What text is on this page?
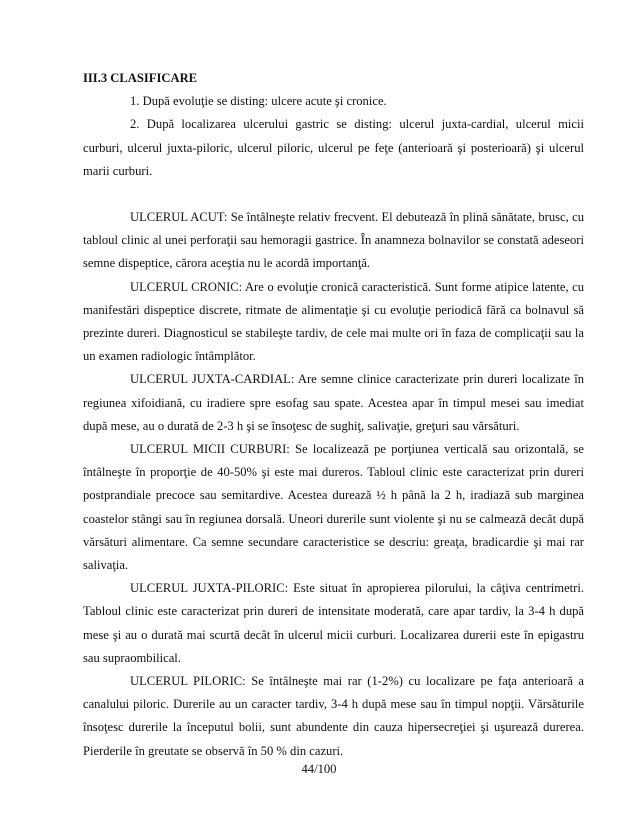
III.3 CLASIFICARE

1. După evoluţie se disting: ulcere acute şi cronice.

2. După localizarea ulcerului gastric se disting: ulcerul juxta-cardial, ulcerul micii curburi, ulcerul juxta-piloric, ulcerul piloric, ulcerul pe feţe (anterioară şi posterioară) şi ulcerul marii curburi.

ULCERUL ACUT: Se întâlneşte relativ frecvent. El debutează în plină sănătate, brusc, cu tabloul clinic al unei perforaţii sau hemoragii gastrice. În anamneza bolnavilor se constată adeseori semne dispeptice, cărora aceştia nu le acordă importanţă.

ULCERUL CRONIC: Are o evoluţie cronică caracteristică. Sunt forme atipice latente, cu manifestări dispeptice discrete, ritmate de alimentaţie şi cu evoluţie periodică fără ca bolnavul să prezinte dureri. Diagnosticul se stabileşte tardiv, de cele mai multe ori în faza de complicaţii sau la un examen radiologic întâmplător.

ULCERUL JUXTA-CARDIAL: Are semne clinice caracterizate prin dureri localizate în regiunea xifoidiană, cu iradiere spre esofag sau spate. Acestea apar în timpul mesei sau imediat după mese, au o durată de 2-3 h şi se însoţesc de sughiţ, salivaţie, greţuri sau vărsături.

ULCERUL MICII CURBURI: Se localizează pe porţiunea verticală sau orizontală, se întâlneşte în proporţie de 40-50% şi este mai dureros. Tabloul clinic este caracterizat prin dureri postprandiale precoce sau semitardive. Acestea durează ½ h până la 2 h, iradiază sub marginea coastelor stângi sau în regiunea dorsală. Uneori durerile sunt violente şi nu se calmează decât după vărsături alimentare. Ca semne secundare caracteristice se descriu: greaţa, bradicardie şi mai rar salivaţia.

ULCERUL JUXTA-PILORIC: Este situat în apropierea pilorului, la câţiva centrimetri. Tabloul clinic este caracterizat prin dureri de intensitate moderată, care apar tardiv, la 3-4 h după mese şi au o durată mai scurtă decât în ulcerul micii curburi. Localizarea durerii este în epigastru sau supraombilical.

ULCERUL PILORIC: Se întâlneşte mai rar (1-2%) cu localizare pe faţa anterioară a canalului piloric. Durerile au un caracter tardiv, 3-4 h după mese sau în timpul nopţii. Vărsăturile însoţesc durerile la începutul bolii, sunt abundente din cauza hipersecreţiei şi uşurează durerea. Pierderile în greutate se observă în 50 % din cazuri.

44/100
